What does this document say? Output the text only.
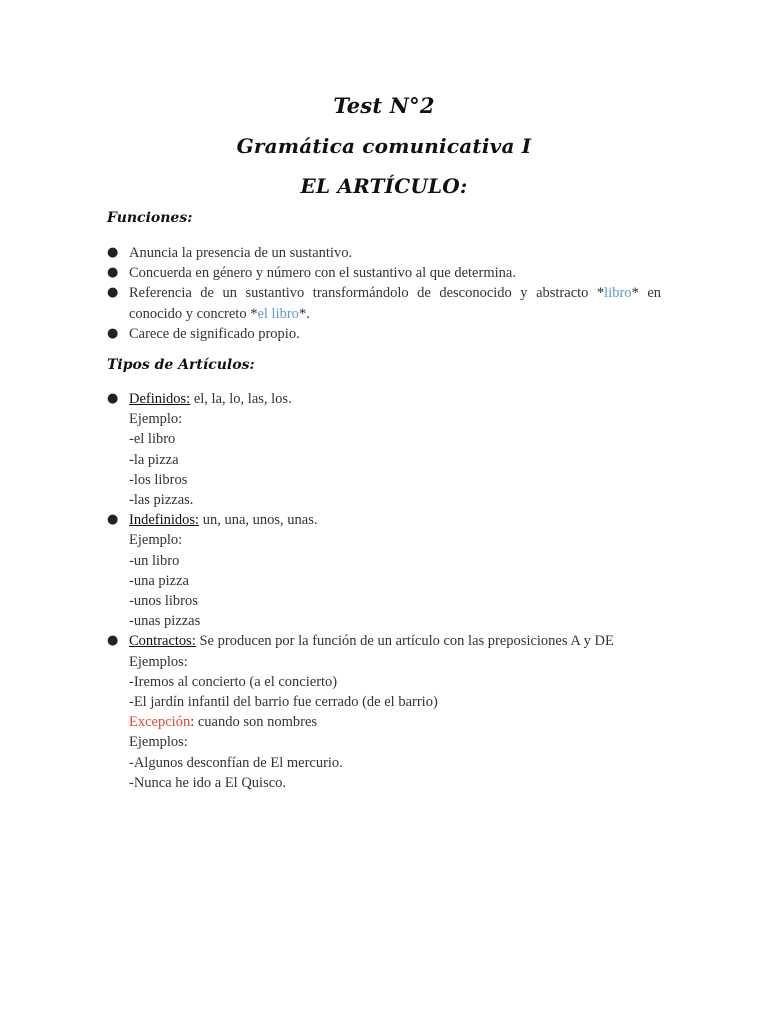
Test N°2
Gramática comunicativa I
EL ARTÍCULO:
Funciones:
● Anuncia la presencia de un sustantivo.
● Concuerda en género y número con el sustantivo al que determina.
● Referencia de un sustantivo transformándolo de desconocido y abstracto *libro* en conocido y concreto *el libro*.
● Carece de significado propio.
Tipos de Artículos:
● Definidos: el, la, lo, las, los.
Ejemplo:
-el libro
-la pizza
-los libros
-las pizzas.
● Indefinidos: un, una, unos, unas.
Ejemplo:
-un libro
-una pizza
-unos libros
-unas pizzas
● Contractos: Se producen por la función de un artículo con las preposiciones A y DE
Ejemplos:
-Iremos al concierto (a el concierto)
-El jardín infantil del barrio fue cerrado (de el barrio)
Excepción: cuando son nombres
Ejemplos:
-Algunos desconfían de El mercurio.
-Nunca he ido a El Quisco.
